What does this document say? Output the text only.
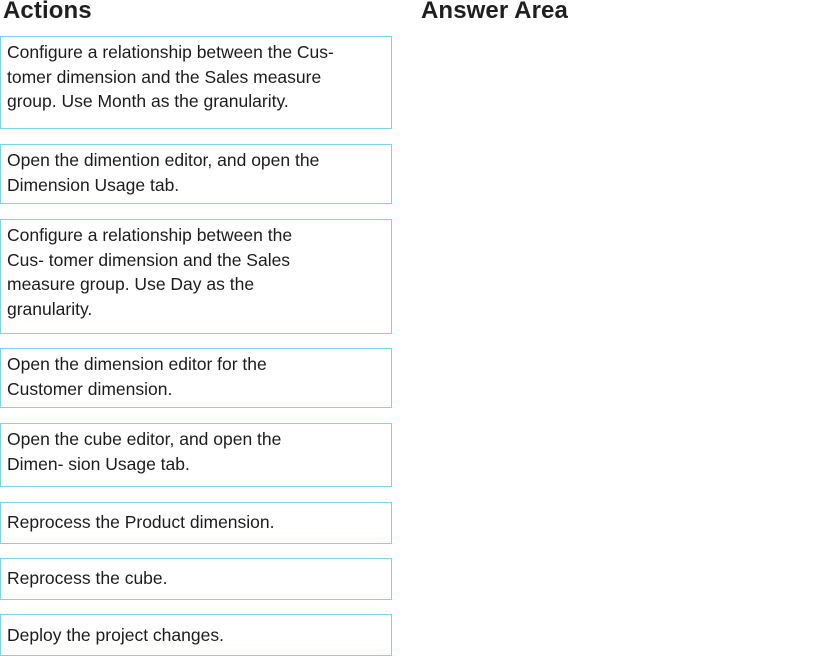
Actions	Answer Area
Configure a relationship between the Cus-
tomer dimension and the Sales measure
group. Use Month as the granularity.
Open the dimention editor, and open the
Dimension Usage tab.
Configure a relationship between the
Cus- tomer dimension and the Sales
measure group. Use Day as the
granularity.
Open the dimension editor for the
Customer dimension.
Open the cube editor, and open the
Dimen- sion Usage tab.
Reprocess the Product dimension.
Reprocess the cube.
Deploy the project changes.
